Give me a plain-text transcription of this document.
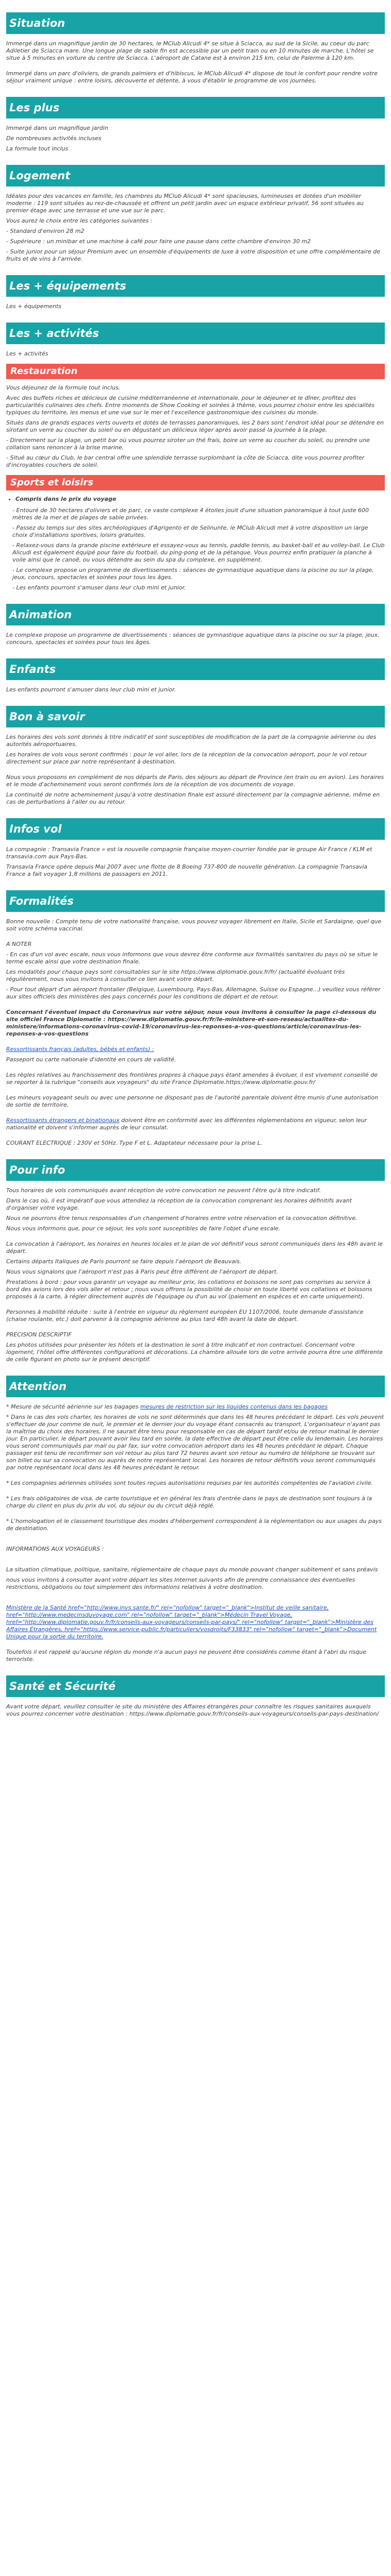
Situation

Immergé dans un magnifique jardin de 30 hectares, le MCIub Alicudi 4* se situe à Sciacca, au sud de la Sicile, au coeur du parc Adiletier de Sciacca mare. Une longue plage de sable fin est accessible par un petit train ou en 10 minutes de marche. L'hôtel se situe à 5 minutes en voiture du centre de Sciacca. L'aéroport de Catane est à environ 215 km, celui de Palerme à 120 km.

Immergé dans un parc d'oliviers, de grands palmiers et d'hibiscus, le MClub Alicudi 4* dispose de tout le confort pour rendre votre séjour vraiment unique : entre loisirs, découverte et détente, à vous d'établir le programme de vos journées.

Les plus

Immergé dans un magnifique jardin

De nombreuses activités incluses

La formule tout inclus

Logement

Idéales pour des vacances en famille, les chambres du MClub Alicudi 4* sont spacieuses, lumineuses et dotées d'un mobilier moderne : 119 sont situées au rez-de-chaussée et offrent un petit jardin avec un espace extérieur privatif, 56 sont situées au premier étage avec une terrasse et une vue sur le parc.

Vous aurez le choix entre les catégories suivantes :

- Standard d'environ 28 m2

- Supérieure : un minibar et une machine à café pour faire une pause dans cette chambre d'environ 30 m2

- Suite junior pour un séjour Premium avec un ensemble d'équipements de luxe à votre disposition et une offre complémentaire de fruits et de vins à l'arrivée.

Les + équipements

Les + équipements

Les + activités

Les + activités

Restauration

Vous déjeunez de la formule tout inclus.

Avec des buffets riches et délicieux de cuisine méditerranéenne et internationale, pour le déjeuner et le dîner, profitez des particularités culinaires des chefs. Entre moments de Show Cooking et soirées à thème, vous pourrez choisir entre les spécialités typiques du territoire, les menus et une vue sur le mer et l'excellence gastronomique des cuisines du monde.

Situés dans de grands espaces verts ouverts et dotés de terrasses panoramiques, les 2 bars sont l'endroit idéal pour se détendre en sirotant un verre au coucher du soleil ou en dégustant un délicieux léger après avoir passé la journée à la plage.

- Directement sur la plage, un petit bar où vous pourrez siroter un thé frais, boire un verre au coucher du soleil, ou prendre une collation sans renoncer à la brise marine.

- Situé au cœur du Club, le bar central offre une splendide terrasse surplombant la côte de Sciacca, dite vous pourrez profiter d'incroyables couchers de soleil.

Sports et loisirs
• Compris dans le prix du voyage

- Entouré de 30 hectares d'oliviers et de parc, ce vaste complexe 4 étoiles jouit d'une situation panoramique à tout juste 600 mètres de la mer et de plages de sable privées.

- Passez du temps sur des sites archéologiques d'Agrigento et de Selinunte, le MClub Alicudi met à votre disposition un large choix d'installations sportives, loisirs gratuites.

- Relaxez-vous dans la grande piscine extérieure et essayez-vous au tennis, paddle tennis, au basket-ball et au volley-ball. Le Club Alicudi est également équipé pour faire du football, du ping-pong et de la pétanque. Vous pourrez enfin pratiquer la planche à voile ainsi que le canoë, ou vous détendre au sein du spa du complexe, en supplément.

- Le complexe propose un programme de divertissements : séances de gymnastique aquatique dans la piscine ou sur la plage, jeux, concours, spectacles et soirées pour tous les âges.

- Les enfants pourront s'amuser dans leur club mini et junior.

Animation

Le complexe propose un programme de divertissements : séances de gymnastique aquatique dans la piscine ou sur la plage, jeux, concours, spectacles et soirées pour tous les âges.

Enfants

Les enfants pourront s'amuser dans leur club mini et junior.

Bon à savoir

Les horaires des vols sont donnés à titre indicatif et sont susceptibles de modification de la part de la compagnie aérienne ou des autorités aéroportuaires.

Les horaires de vols vous seront confirmés : pour le vol aller, lors de la réception de la convocation aéroport, pour le vol retour directement sur place par notre représentant à destination.

Nous vous proposons en complément de nos départs de Paris, des séjours au départ de Province (en train ou en avion). Les horaires et le mode d'acheminement vous seront confirmés lors de la réception de vos documents de voyage.

La continuité de notre acheminement jusqu'à votre destination finale est assuré directement par la compagnie aérienne, même en cas de perturbations à l'aller ou au retour.

Infos vol

La compagnie : Transavia France » est la nouvelle compagnie française moyen-courrier fondée par le groupe Air France / KLM et transavia.com aux Pays-Bas.

Transavia France opère depuis Mai 2007 avec une flotte de 8 Boeing 737-800 de nouvelle génération. La compagnie Transavia France a fait voyager 1,8 millions de passagers en 2011.

Formalités

Bonne nouvelle : Compte tenu de votre nationalité française, vous pouvez voyager librement en Italie, Sicile et Sardaigne, quel que soit votre schéma vaccinal.

A NOTER

- En cas d'un vol avec escale, nous vous informons que vous devrez être conforme aux formalités sanitaires du pays où se situe le terme escale ainsi que votre destination finale.

Les modalités pour chaque pays sont consultables sur le site https://www.diplomatie.gouv.fr/fr/ (actualité évoluant très régulièrement, nous vous invitons à consulter ce lien avant votre départ.

- Pour tout départ d'un aéroport frontalier (Belgique, Luxembourg, Pays-Bas, Allemagne, Suisse ou Espagne...) veuillez vous référer aux sites officiels des ministères des pays concernés pour les conditions de départ et de retour.

Concernant l'éventuel impact du Coronavirus sur votre séjour, nous vous invitons à consulter la page ci-dessous du site officiel France Diplomatie : https://www.diplomatie.gouv.fr/fr/le-ministere-et-son-reseau/actualites-du-ministere/informations-coronavirus-covid-19/coronavirus-les-reponses-a-vos-questions/article/coronavirus-les-reponses-a-vos-questions

Ressortissants français (adultes, bébés et enfants) :

Passeport ou carte nationale d'identité en cours de validité.

Les règles relatives au franchissement des frontières propres à chaque pays étant amenées à évoluer, il est vivement conseillé de se reporter à la rubrique "conseils aux voyageurs" du site France Diplomatie.https://www.diplomatie.gouv.fr/

Les mineurs voyageant seuls ou avec une personne ne disposant pas de l'autorité parentale doivent être munis d'une autorisation de sortie de territoire.

Ressortissants étrangers et binationaux doivent être en conformité avec les différentes réglementations en vigueur, selon leur nationalité et doivent s'informer auprès de leur consulat.

COURANT ELECTRIQUE : 230V et 50Hz. Type F et L. Adaptateur nécessaire pour la prise L.

Pour info

Tous horaires de vols communiqués avant réception de votre convocation ne peuvent l'être qu'à titre indicatif.

Dans le cas où, il est impératif que vous attendiez la réception de la convocation comprenant les horaires définitifs avant d'organiser votre voyage.

Nous ne pourrons être tenus responsables d'un changement d'horaires entre votre réservation et la convocation définitive.

Nous vous informons que, pour ce séjour, les vols sont susceptibles de faire l'objet d'une escale.

La convocation à l'aéroport, les horaires en heures locales et le plan de vol définitif vous seront communiqués dans les 48h avant le départ.

Certains départs Italiques de Paris pourront se faire depuis l'aéroport de Beauvais.

Nous vous signalons que l'aéroport n'est pas à Paris peut être différent de l'aéroport de départ.

Prestations à bord : pour vous garantir un voyage au meilleur prix, les collations et boissons ne sont pas comprises au service à bord des avions lors des vols aller et retour ; nous vous offrons la possibilité de choisir en toute liberté vos collations et boissons proposés à la carte, à régler directement auprès de l'équipage ou d'un au vol (paiement en espèces et en carte uniquement).

Personnes à mobilité réduite : suite à l'entrée en vigueur du règlement européen EU 1107/2006, toute demande d'assistance (chaise roulante, etc.) doit parvenir à la compagnie aérienne au plus tard 48h avant la date de départ.

PRECISION DESCRIPTIF

Les photos utilisées pour présenter les hôtels et la destination le sont à titre indicatif et non contractuel. Concernant votre logement, l'hôtel offre différentes configurations et décorations. La chambre allouée lors de votre arrivée pourra être une différente de celle figurant en photo sur le présent descriptif.

Attention

* Mesure de sécurité aérienne sur les bagages mesures de restriction sur les liquides contenus dans les bagages

* Dans le cas des vols charter, les horaires de vols ne sont déterminés que dans les 48 heures précédant le départ. Les vols peuvent s'effectuer de jour comme de nuit, le premier et le dernier jour du voyage étant consacrés au transport. L'organisateur n'ayant pas la maîtrise du choix des horaires, il ne saurait être tenu pour responsable en cas de départ tardif et/ou de retour matinal le dernier jour. En particulier, le départ pouvant avoir lieu tard en soirée, la date effective de départ peut être celle du lendemain. Les horaires vous seront communiqués par mail ou par fax, sur votre convocation aéroport dans les 48 heures précédant le départ. Chaque passager est tenu de reconfirmer son vol retour au plus tard 72 heures avant son retour au numéro de téléphone se trouvant sur son billet ou sur sa convocation ou auprès de notre représentant local. Les horaires de retour définitifs vous seront communiqués par notre représentant local dans les 48 heures précédant le retour.

* Les compagnies aériennes utilisées sont toutes reçues autorisations requises par les autorités compétentes de l'aviation civile.

* Les frais obligatoires de visa, de carte touristique et en général les frais d'entrée dans le pays de destination sont toujours à la charge du client en plus du prix du vol, du séjour ou du circuit déjà réglé.

* L'homologation et le classement touristique des modes d'hébergement correspondent à la réglementation ou aux usages du pays de destination.

INFORMATIONS AUX VOYAGEURS :

La situation climatique, politique, sanitaire, réglementaire de chaque pays du monde pouvant changer subitement et sans préavis

nous vous invitons à consulter avant votre départ les sites Internet suivants afin de prendre connaissance des éventuelles restrictions, obligations ou tout simplement des informations relatives à votre destination.

Ministère de la Santé href="http://www.invs.sante.fr/" rel="nofollow" target="_blank">Institut de veille sanitaire, href="http://www.medecinsduvoyage.com" rel="nofollow" target="_blank">Médecin Travel Voyage, href="http://www.diplomatie.gouv.fr/fr/conseils-aux-voyageurs/conseils-par-pays/" rel="nofollow" target="_blank">Ministère des Affaires Étrangères, href="https://www.service-public.fr/particuliers/vosdroits/F33833" rel="nofollow" target="_blank">Document Unique pour la sortie du territoire.

Toutefois il est rappelé qu'aucune région du monde n'a aucun pays ne peuvent être considérés comme étant à l'abri du risque terroriste.

Santé et Sécurité

Avant votre départ, veuillez consulter le site du ministère des Affaires étrangères pour connaître les risques sanitaires auxquels vous pourrez concerner votre destination : https://www.diplomatie.gouv.fr/fr/conseils-aux-voyageurs/conseils-par-pays-destination/
